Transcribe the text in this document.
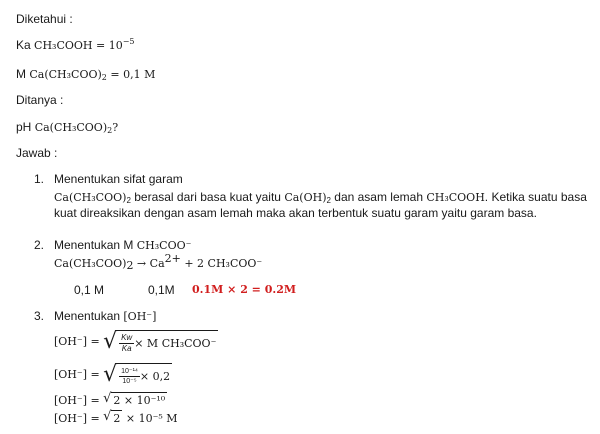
Diketahui :
Ka CH₃COOH = $10^{-5}$
M $Ca(CH_3COO)_2 = 0,1$ M
Ditanya :
pH $Ca(CH_3COO)_2$?
Jawab :
1. Menentukan sifat garam
$Ca(CH_3COO)_2$ berasal dari basa kuat yaitu $Ca(OH)_2$ dan asam lemah CH₃COOH. Ketika suatu basa
kuat direaksikan dengan asam lemah maka akan terbentuk suatu garam yaitu garam basa.
2. Menentukan M CH₃COO⁻
$Ca(CH_3COO)_2 \to Ca^{2+} + 2$ CH₃COO⁻
0,1 M	0,1M 0.1M × 2 = 0.2M
3. Menentukan [OH⁻]
[OH⁻] =
√ $\frac{Kw}{Ka} \times M$ CH₃COO⁻
[OH⁻] =
√ $\frac{\text{10⁻¹⁴}}{\text{10⁻⁵}} \times 0,2$
[OH⁻] = √ 2 × 10⁻¹⁰
[OH⁻] = √ 2 × 10⁻⁵ M
